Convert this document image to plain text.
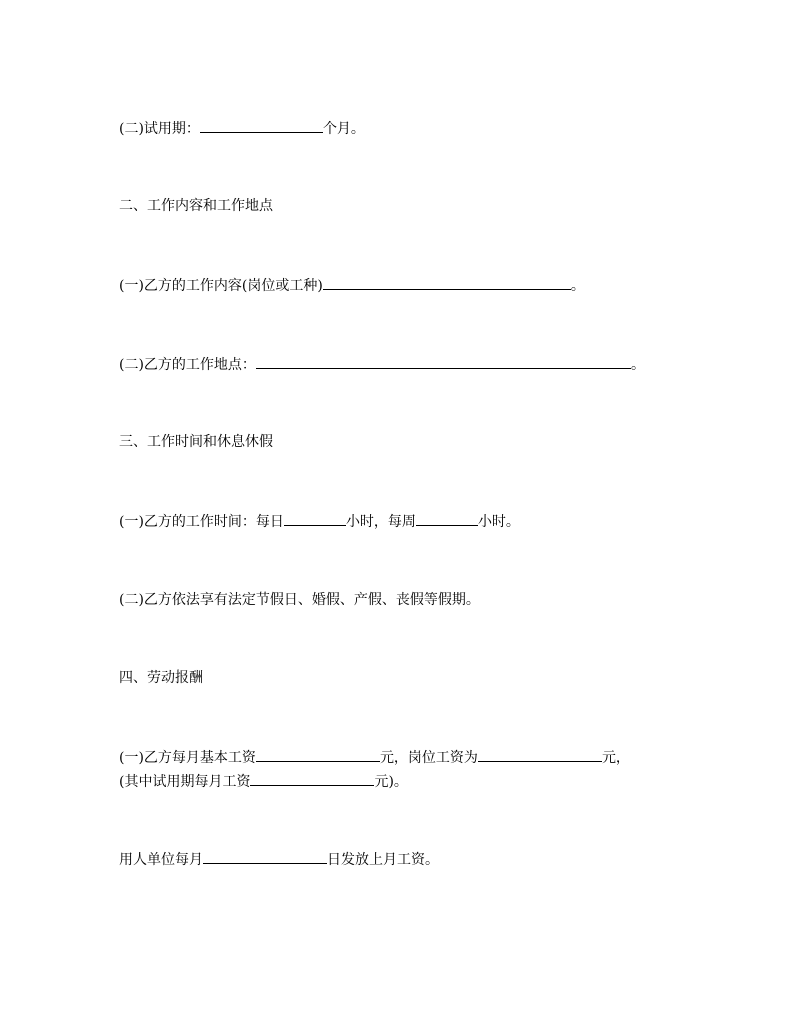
(二)试用期：	个月。
二、工作内容和工作地点
(一)乙方的工作内容(岗位或工种)	。
(二)乙方的工作地点：	。
三、工作时间和休息休假
(一)乙方的工作时间：每日	小时，每周	小时。
(二)乙方依法享有法定节假日、婚假、产假、丧假等假期。
四、劳动报酬
(一)乙方每月基本工资	元，岗位工资为	元，
(其中试用期每月工资	元)。
用人单位每月	日发放上月工资。
